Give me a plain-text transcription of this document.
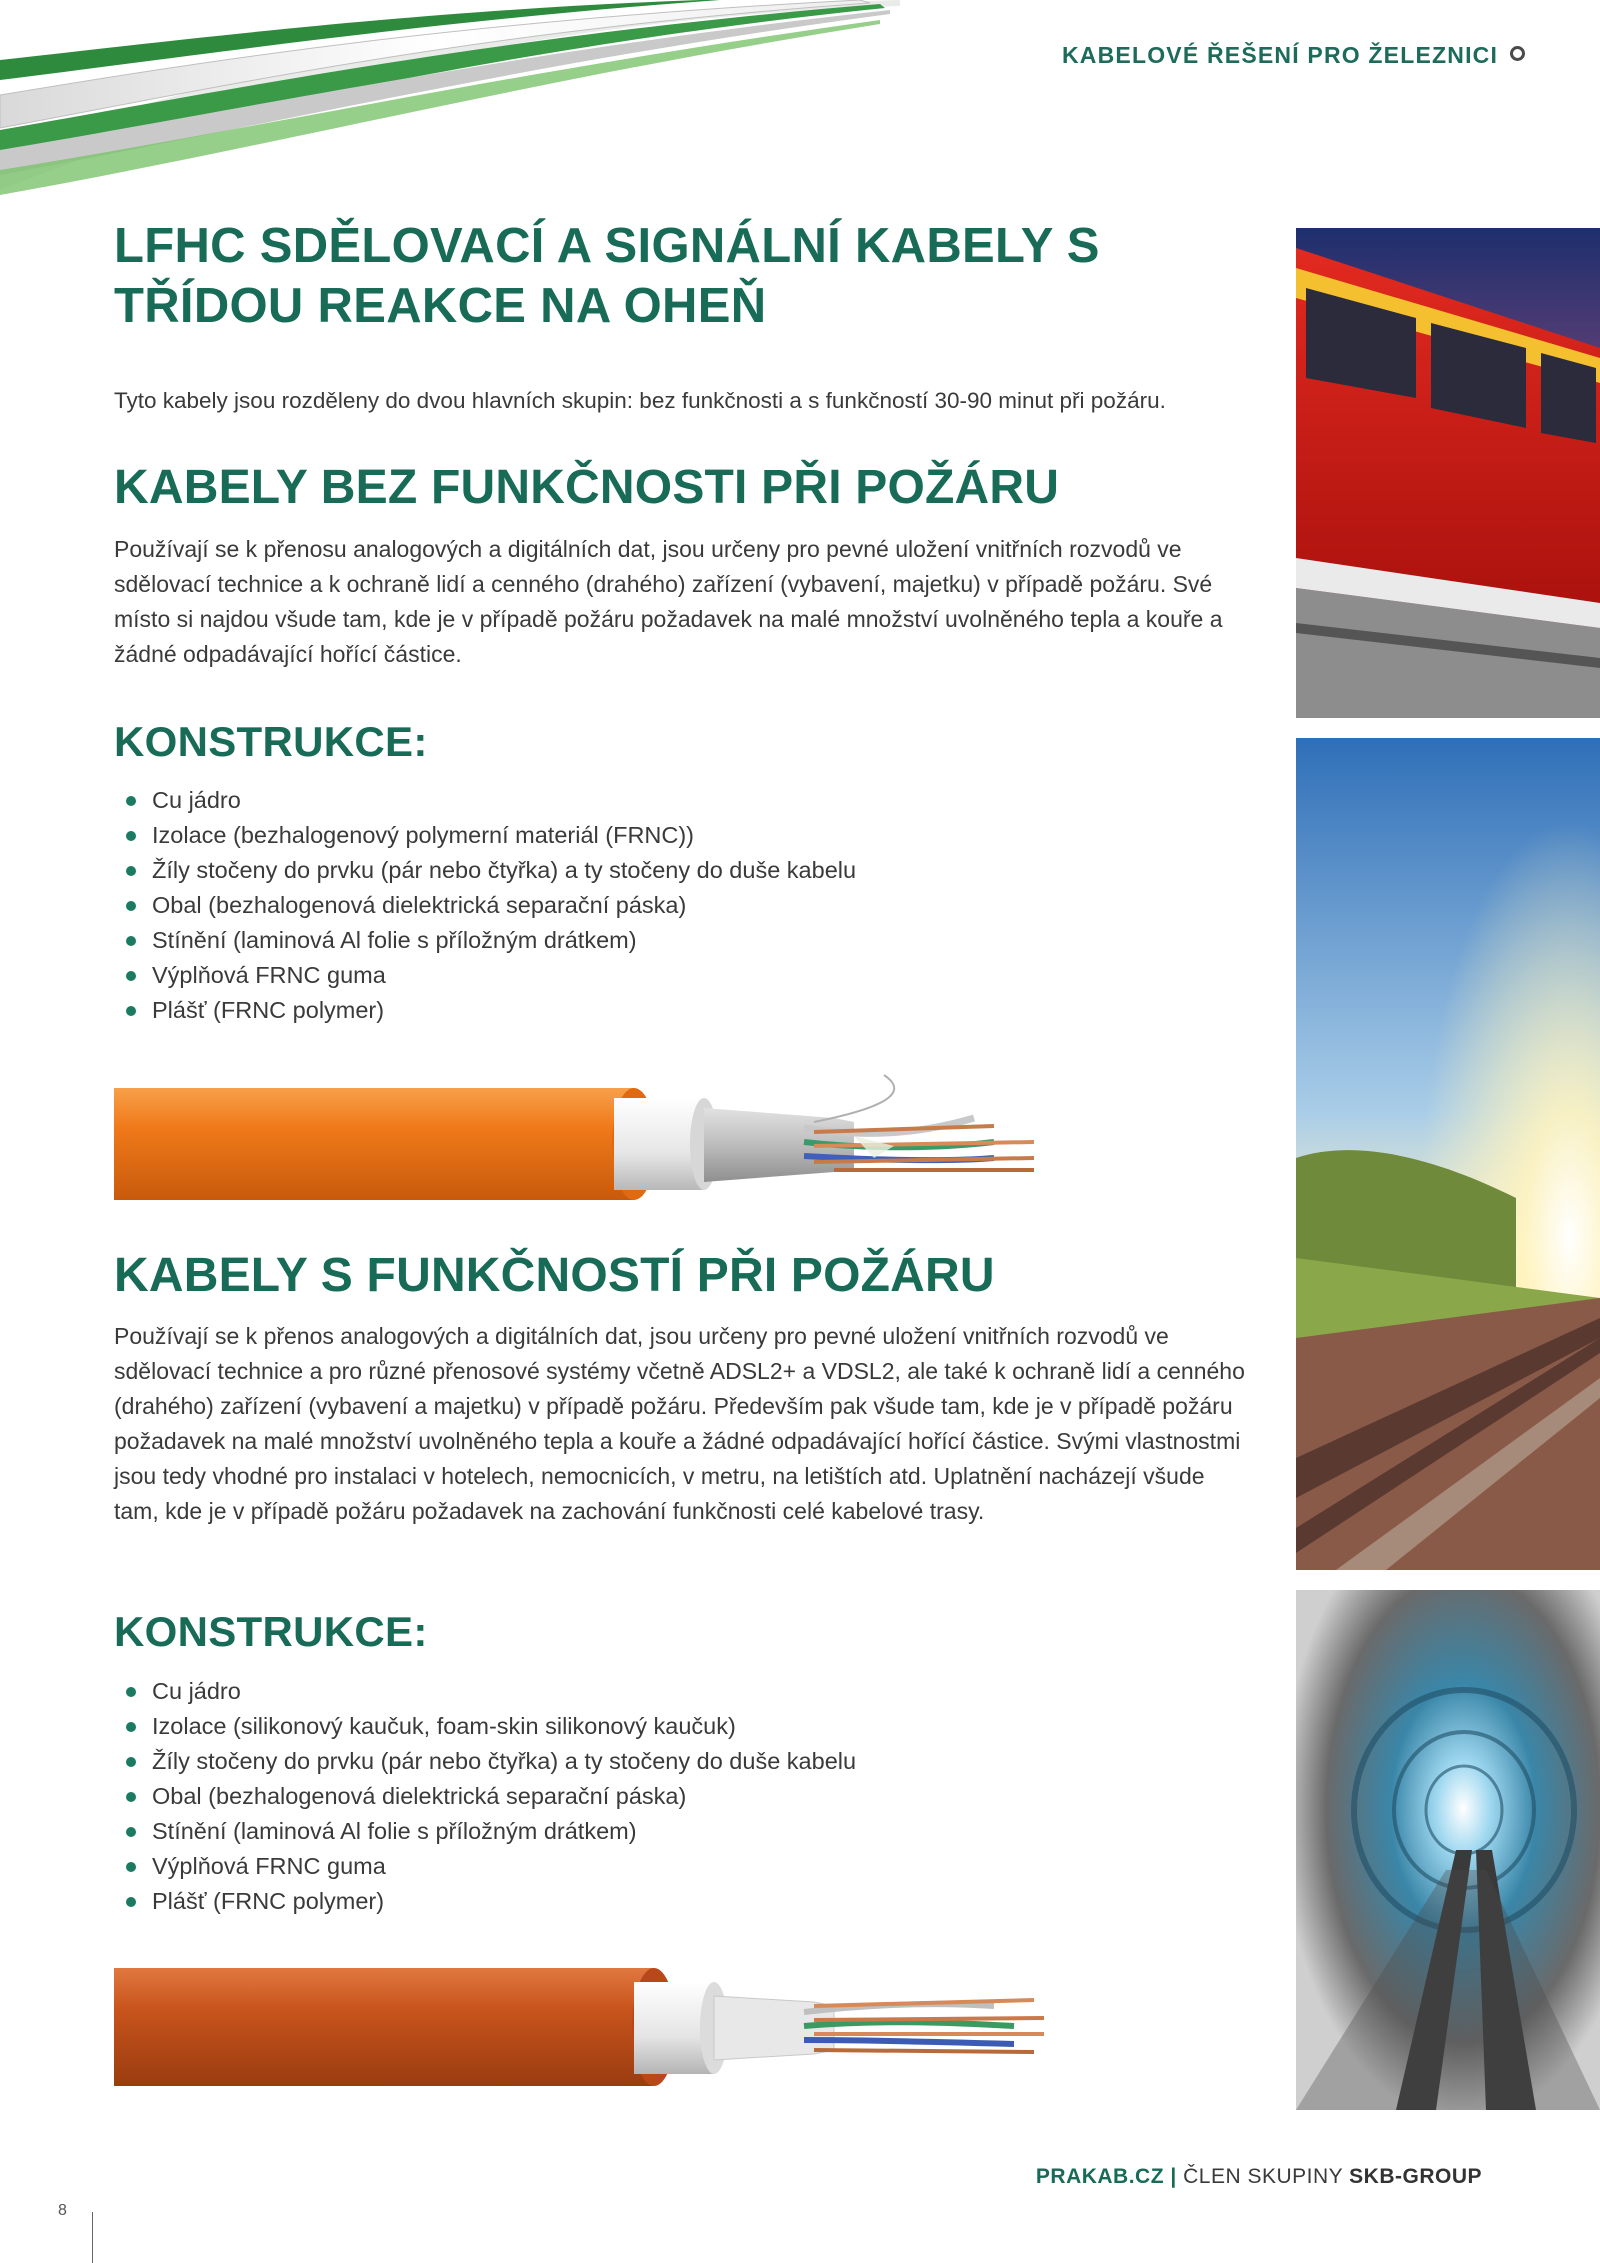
KABELOVÉ ŘEŠENÍ PRO ŽELEZNICI
LFHC SDĚLOVACÍ A SIGNÁLNÍ KABELY S TŘÍDOU REAKCE NA OHEŇ
Tyto kabely jsou rozděleny do dvou hlavních skupin: bez funkčnosti a s funkčností 30-90 minut při požáru.
KABELY BEZ FUNKČNOSTI PŘI POŽÁRU

Používají se k přenosu analogových a digitálních dat, jsou určeny pro pevné uložení vnitřních rozvodů ve sdělovací technice a k ochraně lidí a cenného (drahého) zařízení (vybavení, majetku) v případě požáru. Své místo si najdou všude tam, kde je v případě požáru požadavek na malé množství uvolněného tepla a kouře a žádné odpadávající hořící částice.

KONSTRUKCE:
Cu jádro
Izolace (bezhalogenový polymerní materiál (FRNC))
Žíly stočeny do prvku (pár nebo čtyřka) a ty stočeny do duše kabelu
Obal (bezhalogenová dielektrická separační páska)
Stínění (laminová Al folie s příložným drátkem)
Výplňová FRNC guma
Plášť (FRNC polymer)
KABELY S FUNKČNOSTÍ PŘI POŽÁRU

Používají se k přenos analogových a digitálních dat, jsou určeny pro pevné uložení vnitřních rozvodů ve sdělovací technice a pro různé přenosové systémy včetně ADSL2+ a VDSL2, ale také k ochraně lidí a cenného (drahého) zařízení (vybavení a majetku) v případě požáru. Především pak všude tam, kde je v případě požáru požadavek na malé množství uvolněného tepla a kouře a žádné odpadávající hořící částice. Svými vlastnostmi jsou tedy vhodné pro instalaci v hotelech, nemocnicích, v metru, na letištích atd. Uplatnění nacházejí všude tam, kde je v případě požáru požadavek na zachování funkčnosti celé kabelové trasy.

KONSTRUKCE:
Cu jádro
Izolace (silikonový kaučuk, foam-skin silikonový kaučuk)
Žíly stočeny do prvku (pár nebo čtyřka) a ty stočeny do duše kabelu
Obal (bezhalogenová dielektrická separační páska)
Stínění (laminová Al folie s příložným drátkem)
Výplňová FRNC guma
Plášť (FRNC polymer)
PRAKAB.CZ | ČLEN SKUPINY SKB-GROUP
8
